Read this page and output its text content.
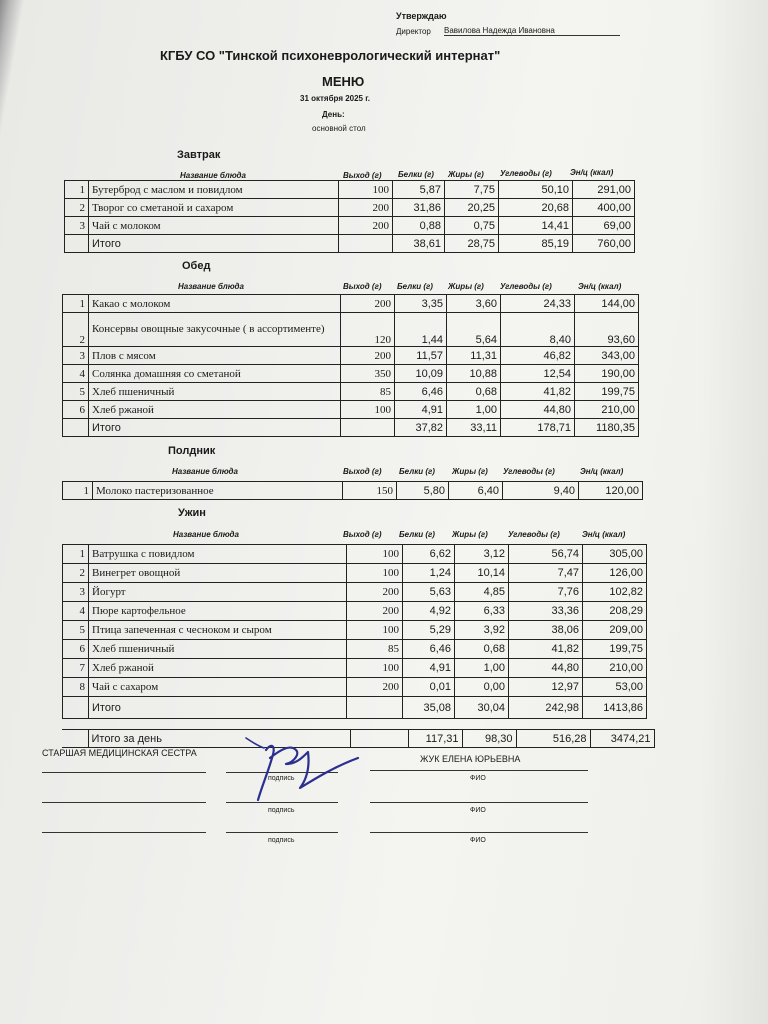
Утверждаю
Директор Вавилова Надежда Ивановна
КГБУ СО "Тинской психоневрологический интернат"
МЕНЮ
31 октября 2025 г.
День:
основной стол
Завтрак
Название блюда	Выход (г) Белки (г) Жиры (г) Углеводы (г) Эн/ц (ккал)
1	Бутерброд с маслом и повидлом	100	5,87	7,75	50,10	291,00
2	Творог со сметаной и сахаром	200	31,86	20,25	20,68	400,00
3	Чай с молоком	200	0,88	0,75	14,41	69,00
	Итого		38,61	28,75	85,19	760,00
Обед
Название блюда	Выход (г) Белки (г) Жиры (г) Углеводы (г)	Эн/ц (ккал)
1	Какао с молоком	200	3,35	3,60	24,33	144,00
2	Консервы овощные закусочные ( в ассортименте)	120	1,44	5,64	8,40	93,60
3	Плов с мясом	200	11,57	11,31	46,82	343,00
4	Солянка домашняя со сметаной	350	10,09	10,88	12,54	190,00
5	Хлеб пшеничный	85	6,46	0,68	41,82	199,75
6	Хлеб ржаной	100	4,91	1,00	44,80	210,00
	Итого		37,82	33,11	178,71	1180,35
Полдник
Название блюда	Выход (г) Белки (г) Жиры (г) Углеводы (г)	Эн/ц (ккал)
1	Молоко пастеризованное	150	5,80	6,40	9,40	120,00
Ужин
Название блюда	Выход (г) Белки (г) Жиры (г)	Углеводы (г)	Эн/ц (ккал)
1	Ватрушка с повидлом	100	6,62	3,12	56,74	305,00
2	Винегрет овощной	100	1,24	10,14	7,47	126,00
3	Йогурт	200	5,63	4,85	7,76	102,82
4	Пюре картофельное	200	4,92	6,33	33,36	208,29
5	Птица запеченная с чесноком и сыром	100	5,29	3,92	38,06	209,00
6	Хлеб пшеничный	85	6,46	0,68	41,82	199,75
7	Хлеб ржаной	100	4,91	1,00	44,80	210,00
8	Чай с сахаром	200	0,01	0,00	12,97	53,00
	Итого		35,08	30,04	242,98	1413,86
	Итого за день		117,31	98,30	516,28	3474,21
СТАРШАЯ МЕДИЦИНСКАЯ СЕСТРА
ЖУК ЕЛЕНА ЮРЬЕВНА
подпись	ФИО
подпись	ФИО
подпись	ФИО
